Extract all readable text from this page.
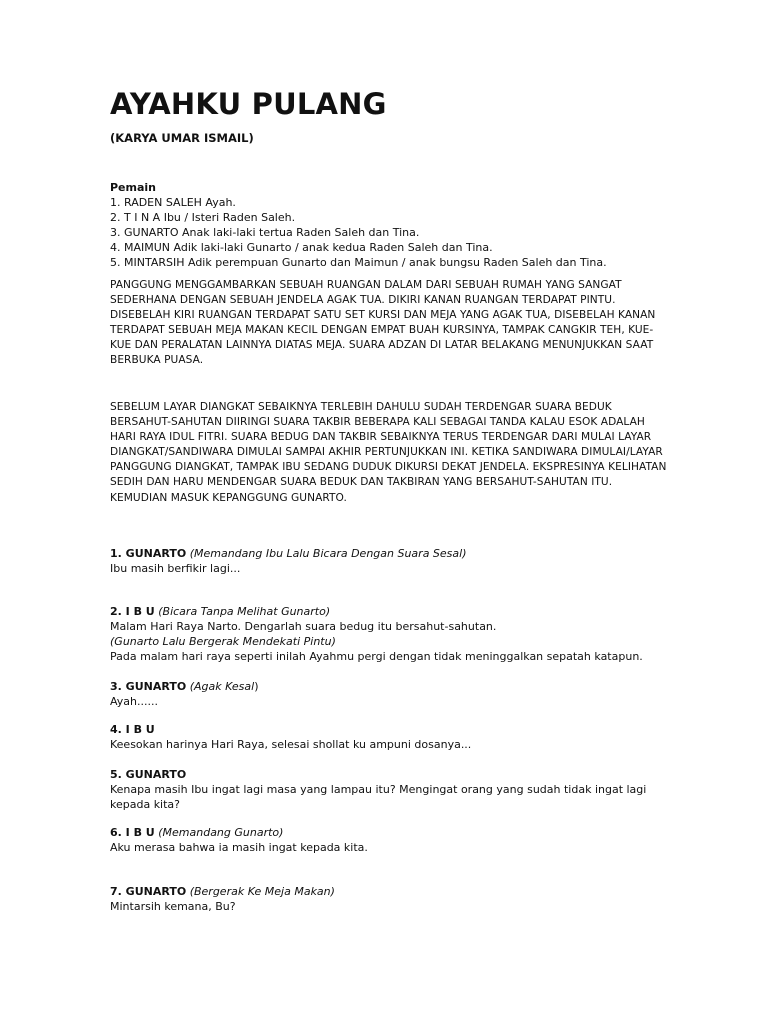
AYAHKU PULANG

(KARYA UMAR ISMAIL)

Pemain

1. RADEN SALEH Ayah.
2. T I N A Ibu / Isteri Raden Saleh.
3. GUNARTO Anak laki-laki tertua Raden Saleh dan Tina.
4. MAIMUN Adik laki-laki Gunarto / anak kedua Raden Saleh dan Tina.
5. MINTARSIH Adik perempuan Gunarto dan Maimun / anak bungsu Raden Saleh dan Tina.

PANGGUNG MENGGAMBARKAN SEBUAH RUANGAN DALAM DARI SEBUAH RUMAH YANG SANGAT SEDERHANA DENGAN SEBUAH JENDELA AGAK TUA. DIKIRI KANAN RUANGAN TERDAPAT PINTU. DISEBELAH KIRI RUANGAN TERDAPAT SATU SET KURSI DAN MEJA YANG AGAK TUA, DISEBELAH KANAN TERDAPAT SEBUAH MEJA MAKAN KECIL DENGAN EMPAT BUAH KURSINYA, TAMPAK CANGKIR TEH, KUE-KUE DAN PERALATAN LAINNYA DIATAS MEJA. SUARA ADZAN DI LATAR BELAKANG MENUNJUKKAN SAAT BERBUKA PUASA.

SEBELUM LAYAR DIANGKAT SEBAIKNYA TERLEBIH DAHULU SUDAH TERDENGAR SUARA BEDUK BERSAHUT-SAHUTAN DIIRINGI SUARA TAKBIR BEBERAPA KALI SEBAGAI TANDA KALAU ESOK ADALAH HARI RAYA IDUL FITRI. SUARA BEDUG DAN TAKBIR SEBAIKNYA TERUS TERDENGAR DARI MULAI LAYAR DIANGKAT/SANDIWARA DIMULAI SAMPAI AKHIR PERTUNJUKKAN INI. KETIKA SANDIWARA DIMULAI/LAYAR PANGGUNG DIANGKAT, TAMPAK IBU SEDANG DUDUK DIKURSI DEKAT JENDELA. EKSPRESINYA KELIHATAN SEDIH DAN HARU MENDENGAR SUARA BEDUK DAN TAKBIRAN YANG BERSAHUT-SAHUTAN ITU. KEMUDIAN MASUK KEPANGGUNG GUNARTO.

1. GUNARTO (Memandang Ibu Lalu Bicara Dengan Suara Sesal)

Ibu masih berfikir lagi...

2. I B U (Bicara Tanpa Melihat Gunarto)

Malam Hari Raya Narto. Dengarlah suara bedug itu bersahut-sahutan.

(Gunarto Lalu Bergerak Mendekati Pintu)

Pada malam hari raya seperti inilah Ayahmu pergi dengan tidak meninggalkan sepatah katapun.

3. GUNARTO (Agak Kesal)

Ayah......

4. I B U

Keesokan harinya Hari Raya, selesai shollat ku ampuni dosanya...

5. GUNARTO

Kenapa masih Ibu ingat lagi masa yang lampau itu? Mengingat orang yang sudah tidak ingat lagi kepada kita?

6. I B U (Memandang Gunarto)

Aku merasa bahwa ia masih ingat kepada kita.

7. GUNARTO (Bergerak Ke Meja Makan)

Mintarsih kemana, Bu?
